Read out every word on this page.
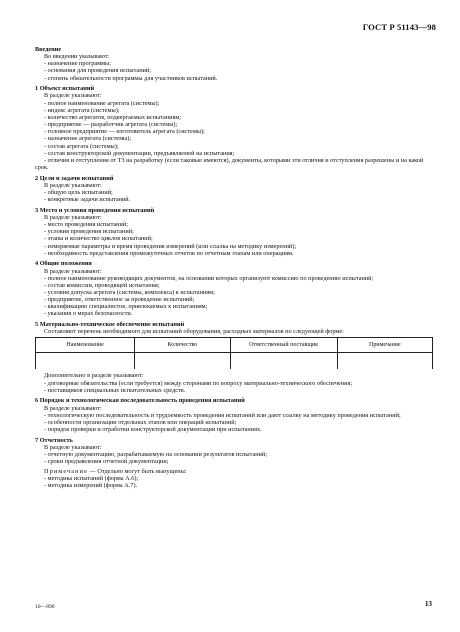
ГОСТ Р 51143—98
Введение

Во введении указывают:

- назначение программы;

- основания для проведения испытаний;

- степень обязательности программы для участников испытаний.

1 Объект испытаний

В разделе указывают:

- полное наименование агрегата (системы);

- индекс агрегата (системы);

- количество агрегатов, подвергаемых испытаниям;

- предприятие — разработчик агрегата (системы);

- головное предприятие — изготовитель агрегата (системы);

- назначение агрегата (системы);

- состав агрегата (системы);

- состав конструкторской документации, предъявляемой на испытания;

- отличия и отступления от ТЗ на разработку (если таковые имеются), документы, которыми эти отличия и отступления разрешены и на какой срок.

2 Цели и задачи испытаний

В разделе указывают:

- общую цель испытаний;

- конкретные задачи испытаний.

3 Место и условия проведения испытаний

В разделе указывают:

- место проведения испытаний;

- условия проведения испытаний;

- этапы и количество циклов испытаний;

- измеряемые параметры и время проведения измерений (или ссылка на методику измерений);

- необходимость представления промежуточных отчетов по отчетным этапам или операциям.

4 Общие положения

В разделе указывают:

- полное наименование руководящих документов, на основании которых организуют комиссию по проведению испытаний;

- состав комиссии, проводящей испытания;

- условия допуска агрегата (системы, комплекса) к испытаниям;

- предприятие, ответственное за проведение испытаний;

- квалификацию специалистов, привлекаемых к испытаниям;

- указания о мерах безопасности.

5 Материально-техническое обеспечение испытаний

Составляют перечень необходимого для испытаний оборудования, расходных материалов по следующей форме:

Наименование	Количество	Ответственный поставщик	Примечание

Дополнительно в разделе указывают:

- договорные обязательства (если требуется) между сторонами по вопросу материально-технического обеспечения;

- поставщиков специальных испытательных средств.

6 Порядок и технологическая последовательность проведения испытаний

В разделе указывают:

- технологическую последовательность и трудоемкость проведения испытаний или дают ссылку на методику проведения испытаний;

- особенности организации отдельных этапов или операций испытаний;

- порядок проверки и отработки конструкторской документации при испытаниях.

7 Отчетность

В разделе указывают:

- отчетную документацию, разрабатываемую на основании результатов испытаний;

- сроки предъявления отчетной документации;

Примечание — Отдельно могут быть выпущены:

- методика испытаний (форма А.6);

- методика измерений (форма А.7).

10—890	13
